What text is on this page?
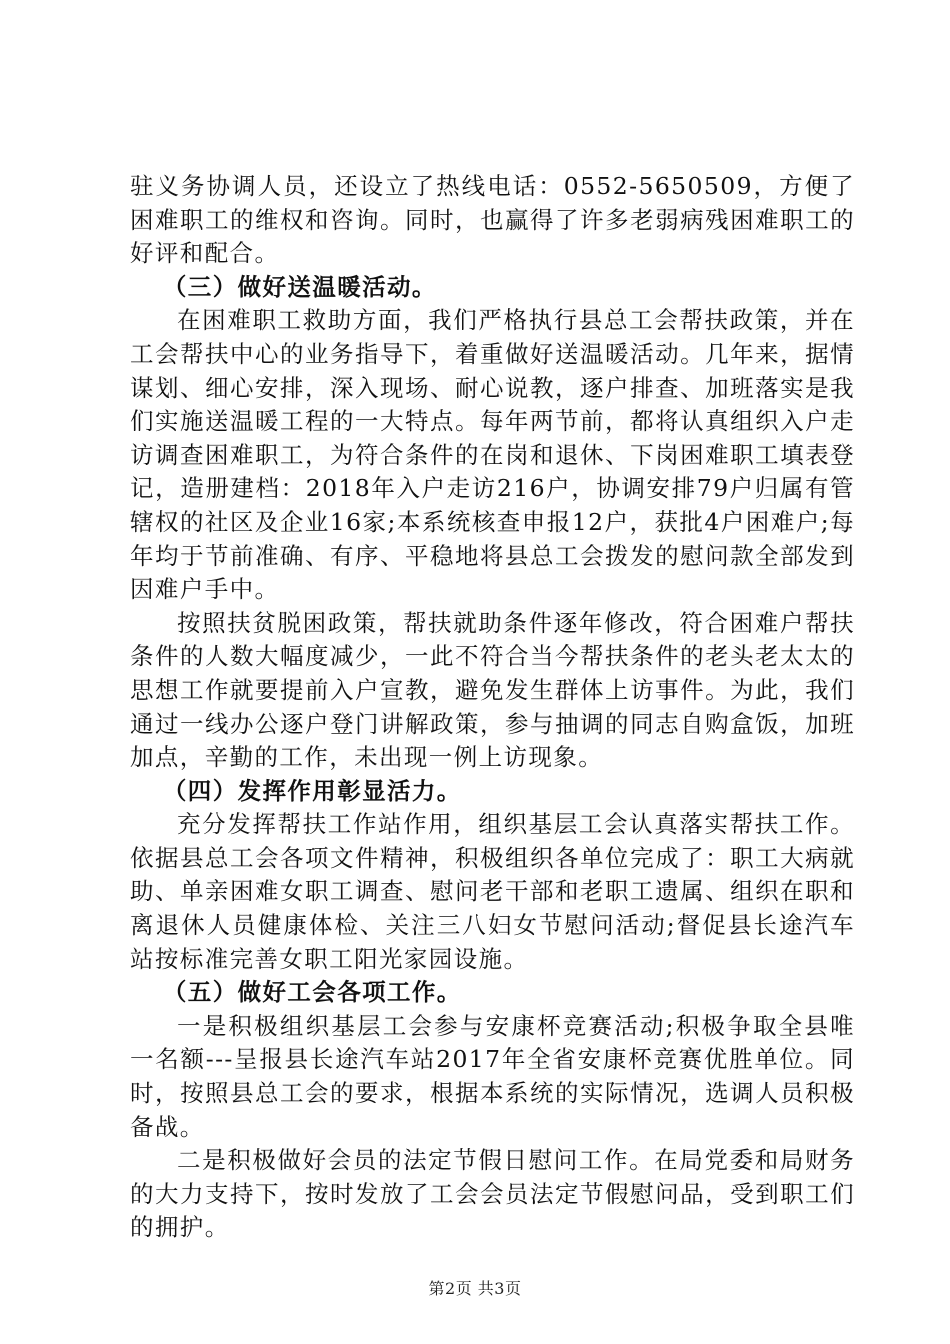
驻义务协调人员，还设立了热线电话：0552-5650509，方便了困难职工的维权和咨询。同时，也赢得了许多老弱病残困难职工的好评和配合。

（三）做好送温暖活动。

在困难职工救助方面，我们严格执行县总工会帮扶政策，并在工会帮扶中心的业务指导下，着重做好送温暖活动。几年来，据情谋划、细心安排，深入现场、耐心说教，逐户排查、加班落实是我们实施送温暖工程的一大特点。每年两节前，都将认真组织入户走访调查困难职工，为符合条件的在岗和退休、下岗困难职工填表登记，造册建档：2018年入户走访216户，协调安排79户归属有管辖权的社区及企业16家;本系统核查申报12户，获批4户困难户;每年均于节前准确、有序、平稳地将县总工会拨发的慰问款全部发到因难户手中。

按照扶贫脱困政策，帮扶就助条件逐年修改，符合困难户帮扶条件的人数大幅度减少，一此不符合当今帮扶条件的老头老太太的思想工作就要提前入户宣教，避免发生群体上访事件。为此，我们通过一线办公逐户登门讲解政策，参与抽调的同志自购盒饭，加班加点，辛勤的工作，未出现一例上访现象。

（四）发挥作用彰显活力。

充分发挥帮扶工作站作用，组织基层工会认真落实帮扶工作。依据县总工会各项文件精神，积极组织各单位完成了：职工大病就助、单亲困难女职工调查、慰问老干部和老职工遗属、组织在职和离退休人员健康体检、关注三八妇女节慰问活动;督促县长途汽车站按标准完善女职工阳光家园设施。

（五）做好工会各项工作。

一是积极组织基层工会参与安康杯竞赛活动;积极争取全县唯一名额---呈报县长途汽车站2017年全省安康杯竞赛优胜单位。同时，按照县总工会的要求，根据本系统的实际情况，选调人员积极备战。

二是积极做好会员的法定节假日慰问工作。在局党委和局财务的大力支持下，按时发放了工会会员法定节假慰问品，受到职工们的拥护。

第2页 共3页
